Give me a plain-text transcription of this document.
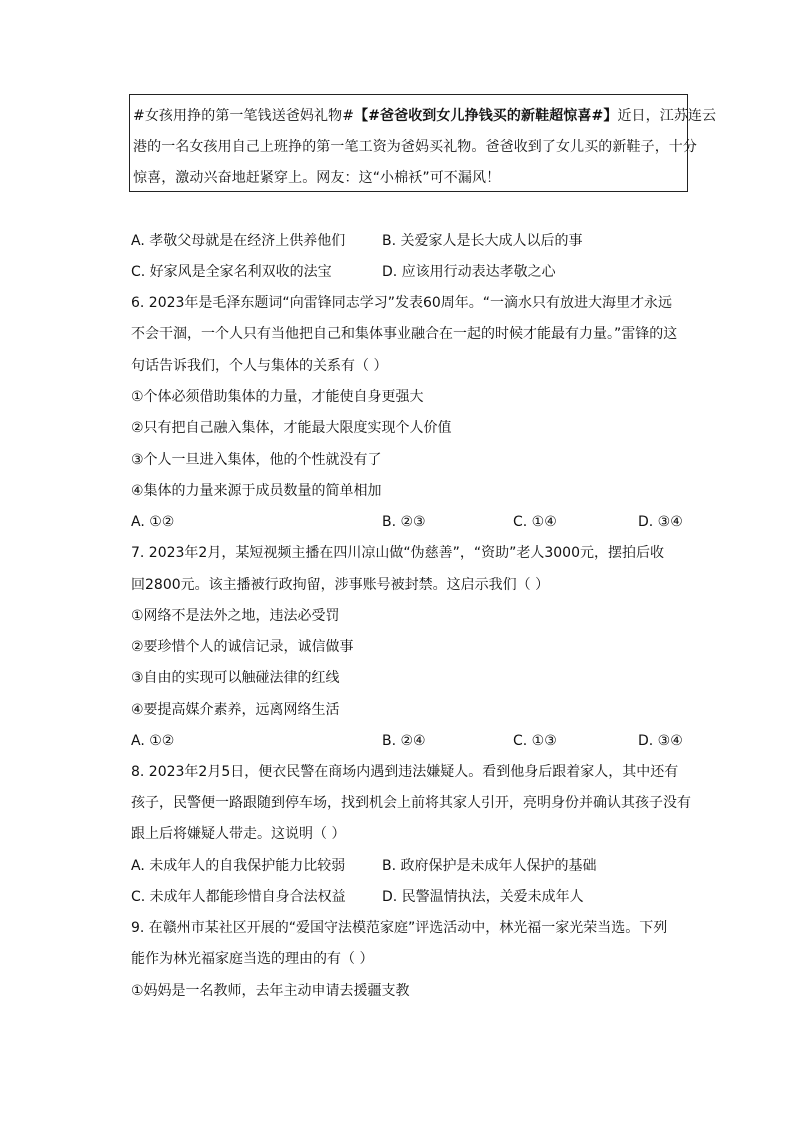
#女孩用挣的第一笔钱送爸妈礼物#【#爸爸收到女儿挣钱买的新鞋超惊喜#】近日，江苏连云
港的一名女孩用自己上班挣的第一笔工资为爸妈买礼物。爸爸收到了女儿买的新鞋子，十分
惊喜，激动兴奋地赶紧穿上。网友：这“小棉袄”可不漏风！
A. 孝敬父母就是在经济上供养他们	B. 关爱家人是长大成人以后的事
C. 好家风是全家名利双收的法宝	D. 应该用行动表达孝敬之心
6. 2023年是毛泽东题词“向雷锋同志学习”发表60周年。“一滴水只有放进大海里才永远
不会干涸，一个人只有当他把自己和集体事业融合在一起的时候才能最有力量。”雷锋的这
句话告诉我们，个人与集体的关系有（ ）
①个体必须借助集体的力量，才能使自身更强大
②只有把自己融入集体，才能最大限度实现个人价值
③个人一旦进入集体，他的个性就没有了
④集体的力量来源于成员数量的简单相加
A. ①②	B. ②③	C. ①④	D. ③④
7. 2023年2月，某短视频主播在四川凉山做“伪慈善”，“资助”老人3000元，摆拍后收
回2800元。该主播被行政拘留，涉事账号被封禁。这启示我们（ ）
①网络不是法外之地，违法必受罚
②要珍惜个人的诚信记录，诚信做事
③自由的实现可以触碰法律的红线
④要提高媒介素养，远离网络生活
A. ①②	B. ②④	C. ①③	D. ③④
8. 2023年2月5日，便衣民警在商场内遇到违法嫌疑人。看到他身后跟着家人，其中还有
孩子，民警便一路跟随到停车场，找到机会上前将其家人引开，亮明身份并确认其孩子没有
跟上后将嫌疑人带走。这说明（ ）
A. 未成年人的自我保护能力比较弱	B. 政府保护是未成年人保护的基础
C. 未成年人都能珍惜自身合法权益	D. 民警温情执法，关爱未成年人
9. 在赣州市某社区开展的“爱国守法模范家庭”评选活动中，林光福一家光荣当选。下列
能作为林光福家庭当选的理由的有（ ）
①妈妈是一名教师，去年主动申请去援疆支教
